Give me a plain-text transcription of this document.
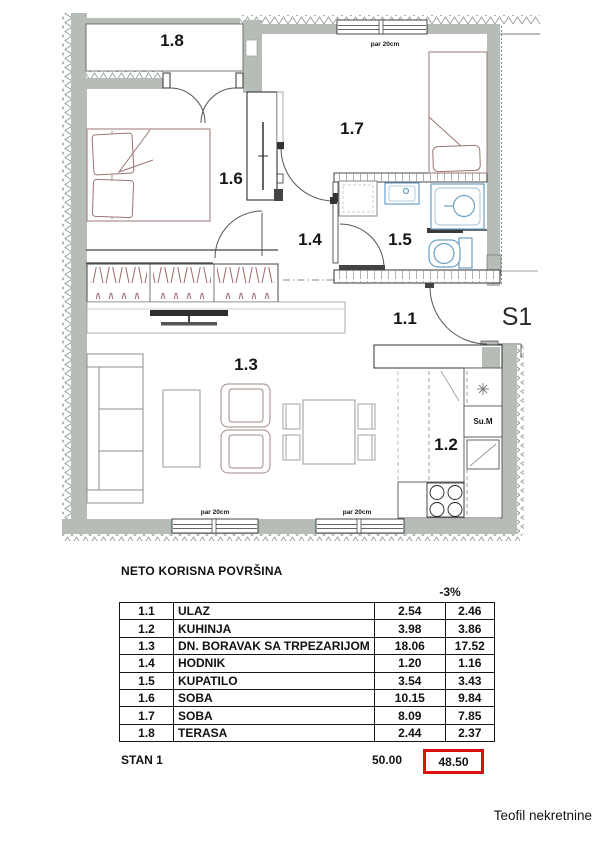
1.8
1.6
1.7
1.4	1.5
1.1
1.3
1.2
S1
Su.M
par 20cm
par 20cm	par 20cm
NETO KORISNA POVRŠINA
-3%
1.1	ULAZ	2.54	2.46
1.2	KUHINJA	3.98	3.86
1.3	DN. BORAVAK SA TRPEZARIJOM	18.06	17.52
1.4	HODNIK	1.20	1.16
1.5	KUPATILO	3.54	3.43
1.6	SOBA	10.15	9.84
1.7	SOBA	8.09	7.85
1.8	TERASA	2.44	2.37
STAN 1	50.00	48.50
Teofil nekretnine
